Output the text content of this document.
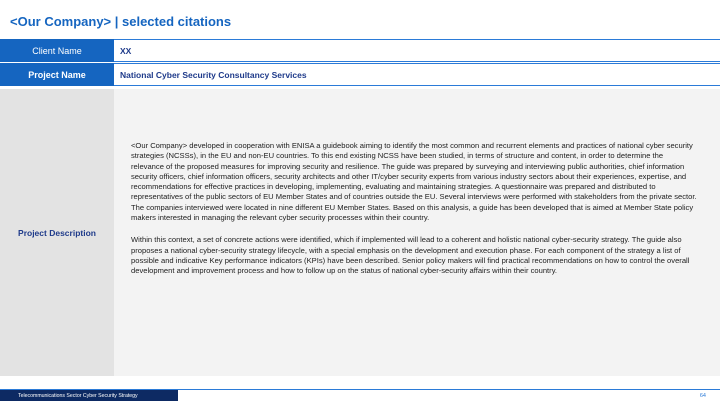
<Our Company> | selected citations
Client Name	XX
Project Name	National Cyber Security Consultancy Services
Project Description

<Our Company> developed in cooperation with ENISA a guidebook aiming to identify the most common and recurrent elements and practices of national cyber security strategies (NCSSs), in the EU and non-EU countries. To this end existing NCSS have been studied, in terms of structure and content, in order to determine the relevance of the proposed measures for improving security and resilience. The guide was prepared by surveying and interviewing public authorities, chief information security officers, chief information officers, security architects and other IT/cyber security experts from various industry sectors about their experiences, expertise, and recommendations for effective practices in developing, implementing, evaluating and maintaining strategies. A questionnaire was prepared and distributed to representatives of the public sectors of EU Member States and of countries outside the EU. Several interviews were performed with stakeholders from the private sector. The companies interviewed were located in nine different EU Member States. Based on this analysis, a guide has been developed that is aimed at Member State policy makers interested in managing the relevant cyber security processes within their country.

Within this context, a set of concrete actions were identified, which if implemented will lead to a coherent and holistic national cyber-security strategy. The guide also proposes a national cyber-security strategy lifecycle, with a special emphasis on the development and execution phase. For each component of the strategy a list of possible and indicative Key performance indicators (KPIs) have been described. Senior policy makers will find practical recommendations on how to control the overall development and improvement process and how to follow up on the status of national cyber-security affairs within their country.

Telecommunications Sector Cyber Security Strategy	64
